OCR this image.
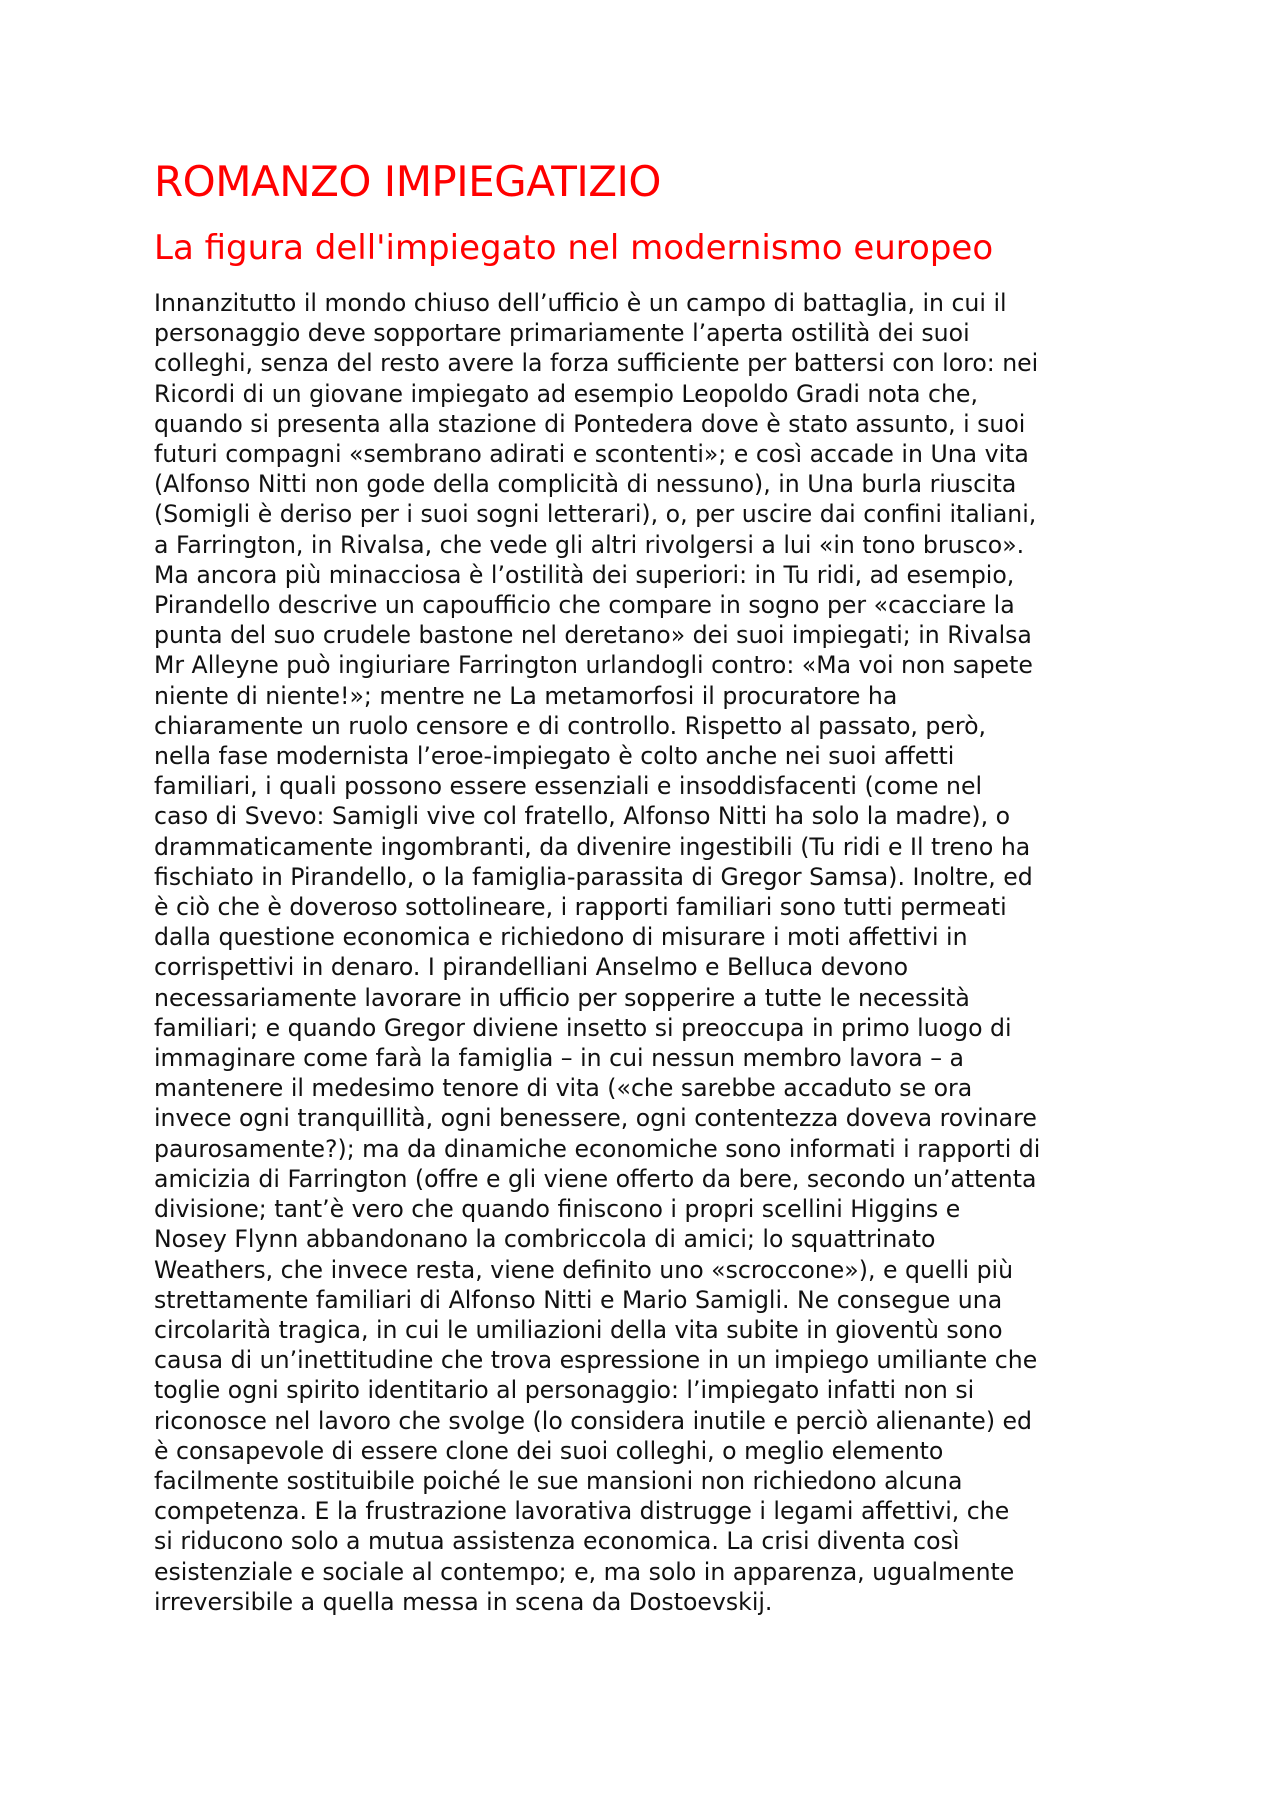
ROMANZO IMPIEGATIZIO
La figura dell'impiegato nel modernismo europeo

Innanzitutto il mondo chiuso dell’ufficio è un campo di battaglia, in cui il
personaggio deve sopportare primariamente l’aperta ostilità dei suoi
colleghi, senza del resto avere la forza sufficiente per battersi con loro: nei
Ricordi di un giovane impiegato ad esempio Leopoldo Gradi nota che,
quando si presenta alla stazione di Pontedera dove è stato assunto, i suoi
futuri compagni «sembrano adirati e scontenti»; e così accade in Una vita
(Alfonso Nitti non gode della complicità di nessuno), in Una burla riuscita
(Somigli è deriso per i suoi sogni letterari), o, per uscire dai confini italiani,
a Farrington, in Rivalsa, che vede gli altri rivolgersi a lui «in tono brusco».
Ma ancora più minacciosa è l’ostilità dei superiori: in Tu ridi, ad esempio,
Pirandello descrive un capoufficio che compare in sogno per «cacciare la
punta del suo crudele bastone nel deretano» dei suoi impiegati; in Rivalsa
Mr Alleyne può ingiuriare Farrington urlandogli contro: «Ma voi non sapete
niente di niente!»; mentre ne La metamorfosi il procuratore ha
chiaramente un ruolo censore e di controllo. Rispetto al passato, però,
nella fase modernista l’eroe-impiegato è colto anche nei suoi affetti
familiari, i quali possono essere essenziali e insoddisfacenti (come nel
caso di Svevo: Samigli vive col fratello, Alfonso Nitti ha solo la madre), o
drammaticamente ingombranti, da divenire ingestibili (Tu ridi e Il treno ha
fischiato in Pirandello, o la famiglia-parassita di Gregor Samsa). Inoltre, ed
è ciò che è doveroso sottolineare, i rapporti familiari sono tutti permeati
dalla questione economica e richiedono di misurare i moti affettivi in
corrispettivi in denaro. I pirandelliani Anselmo e Belluca devono
necessariamente lavorare in ufficio per sopperire a tutte le necessità
familiari; e quando Gregor diviene insetto si preoccupa in primo luogo di
immaginare come farà la famiglia – in cui nessun membro lavora – a
mantenere il medesimo tenore di vita («che sarebbe accaduto se ora
invece ogni tranquillità, ogni benessere, ogni contentezza doveva rovinare
paurosamente?); ma da dinamiche economiche sono informati i rapporti di
amicizia di Farrington (offre e gli viene offerto da bere, secondo un’attenta
divisione; tant’è vero che quando finiscono i propri scellini Higgins e
Nosey Flynn abbandonano la combriccola di amici; lo squattrinato
Weathers, che invece resta, viene definito uno «scroccone»), e quelli più
strettamente familiari di Alfonso Nitti e Mario Samigli. Ne consegue una
circolarità tragica, in cui le umiliazioni della vita subite in gioventù sono
causa di un’inettitudine che trova espressione in un impiego umiliante che
toglie ogni spirito identitario al personaggio: l’impiegato infatti non si
riconosce nel lavoro che svolge (lo considera inutile e perciò alienante) ed
è consapevole di essere clone dei suoi colleghi, o meglio elemento
facilmente sostituibile poiché le sue mansioni non richiedono alcuna
competenza. E la frustrazione lavorativa distrugge i legami affettivi, che
si riducono solo a mutua assistenza economica. La crisi diventa così
esistenziale e sociale al contempo; e, ma solo in apparenza, ugualmente
irreversibile a quella messa in scena da Dostoevskij.
